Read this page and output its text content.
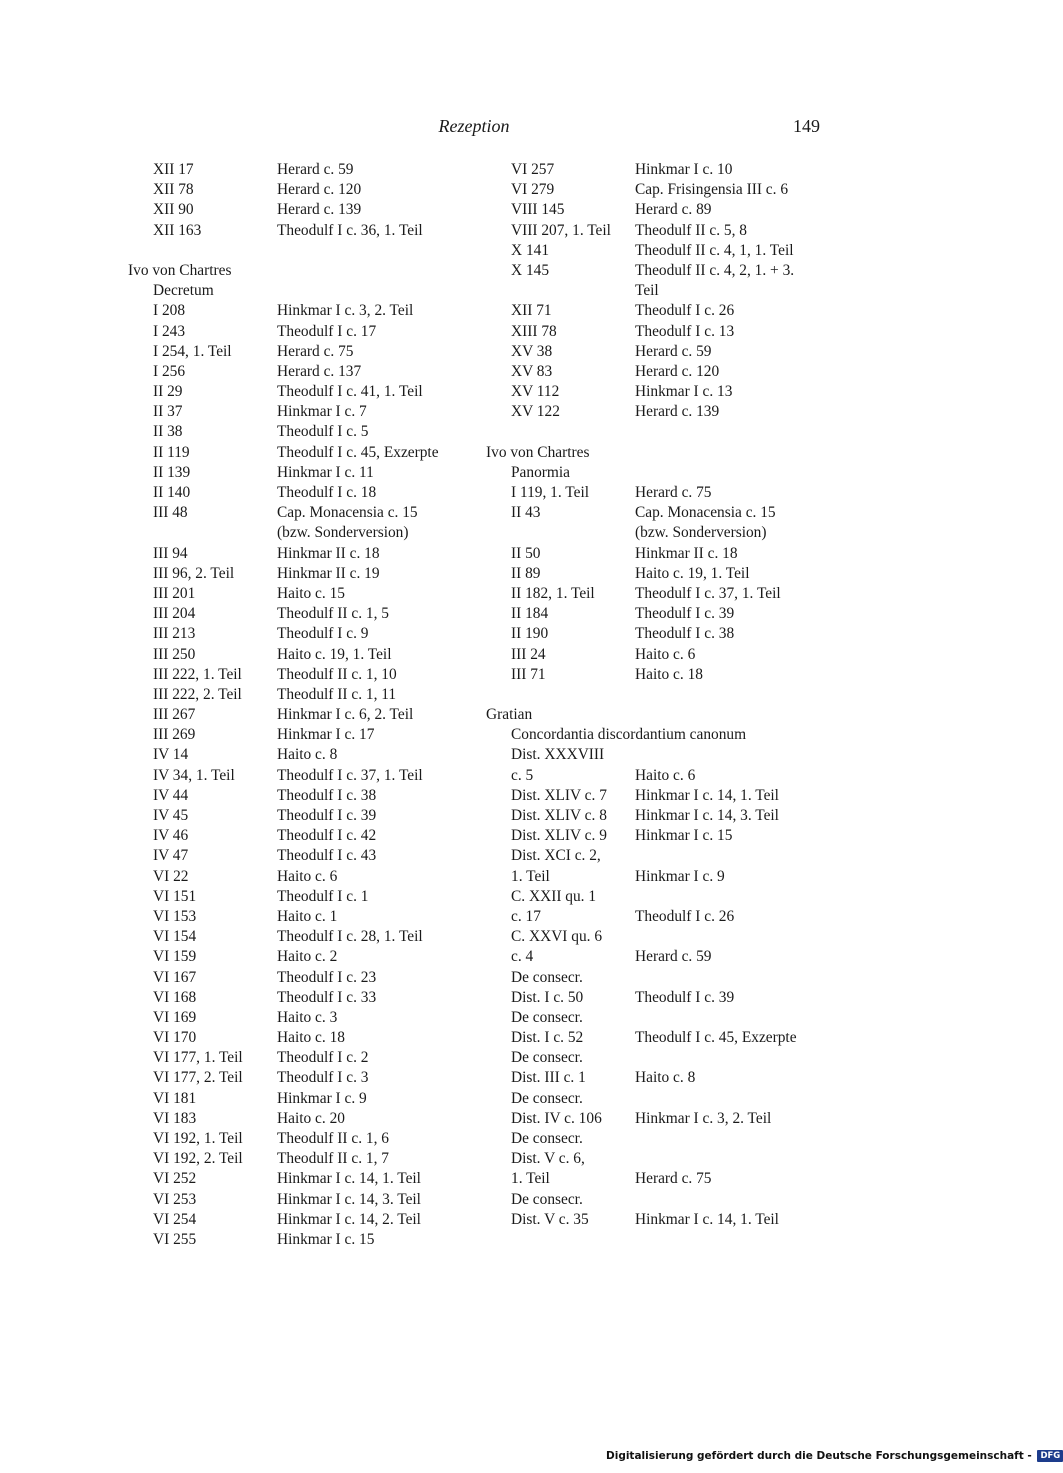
Rezeption	149
XII 17	Herard c. 59
XII 78	Herard c. 120
XII 90	Herard c. 139
XII 163	Theodulf I c. 36, 1. Teil
Ivo von Chartres
Decretum
I 208	Hinkmar I c. 3, 2. Teil
I 243	Theodulf I c. 17
I 254, 1. Teil	Herard c. 75
I 256	Herard c. 137
II 29	Theodulf I c. 41, 1. Teil
II 37	Hinkmar I c. 7
II 38	Theodulf I c. 5
II 119	Theodulf I c. 45, Exzerpte
II 139	Hinkmar I c. 11
II 140	Theodulf I c. 18
III 48	Cap. Monacensia c. 15
(bzw. Sonderversion)
III 94	Hinkmar II c. 18
III 96, 2. Teil	Hinkmar II c. 19
III 201	Haito c. 15
III 204	Theodulf II c. 1, 5
III 213	Theodulf I c. 9
III 250	Haito c. 19, 1. Teil
III 222, 1. Teil Theodulf II c. 1, 10
III 222, 2. Teil Theodulf II c. 1, 11
III 267	Hinkmar I c. 6, 2. Teil
III 269	Hinkmar I c. 17
IV 14	Haito c. 8
IV 34, 1. Teil	Theodulf I c. 37, 1. Teil
IV 44	Theodulf I c. 38
IV 45	Theodulf I c. 39
IV 46	Theodulf I c. 42
IV 47	Theodulf I c. 43
VI 22	Haito c. 6
VI 151	Theodulf I c. 1
VI 153	Haito c. 1
VI 154	Theodulf I c. 28, 1. Teil
VI 159	Haito c. 2
VI 167	Theodulf I c. 23
VI 168	Theodulf I c. 33
VI 169	Haito c. 3
VI 170	Haito c. 18
VI 177, 1. Teil Theodulf I c. 2
VI 177, 2. Teil Theodulf I c. 3
VI 181	Hinkmar I c. 9
VI 183	Haito c. 20
VI 192, 1. Teil Theodulf II c. 1, 6
VI 192, 2. Teil Theodulf II c. 1, 7
VI 252	Hinkmar I c. 14, 1. Teil
VI 253	Hinkmar I c. 14, 3. Teil
VI 254	Hinkmar I c. 14, 2. Teil
VI 255	Hinkmar I c. 15
VI 257	Hinkmar I c. 10
VI 279	Cap. Frisingensia III c. 6
VIII 145	Herard c. 89
VIII 207, 1. Teil Theodulf II c. 5, 8
X 141	Theodulf II c. 4, 1, 1. Teil
X 145	Theodulf II c. 4, 2, 1. + 3.
Teil
XII 71	Theodulf I c. 26
XIII 78	Theodulf I c. 13
XV 38	Herard c. 59
XV 83	Herard c. 120
XV 112	Hinkmar I c. 13
XV 122	Herard c. 139
Ivo von Chartres
Panormia
I 119, 1. Teil	Herard c. 75
II 43	Cap. Monacensia c. 15
(bzw. Sonderversion)
II 50	Hinkmar II c. 18
II 89	Haito c. 19, 1. Teil
II 182, 1. Teil	Theodulf I c. 37, 1. Teil
II 184	Theodulf I c. 39
II 190	Theodulf I c. 38
III 24	Haito c. 6
III 71	Haito c. 18
Gratian
Concordantia discordantium canonum
Dist. XXXVIII
c. 5	Haito c. 6
Dist. XLIV c. 7 Hinkmar I c. 14, 1. Teil
Dist. XLIV c. 8 Hinkmar I c. 14, 3. Teil
Dist. XLIV c. 9 Hinkmar I c. 15
Dist. XCI c. 2,
1. Teil	Hinkmar I c. 9
C. XXII qu. 1
c. 17	Theodulf I c. 26
C. XXVI qu. 6
c. 4	Herard c. 59
De consecr.
Dist. I c. 50	Theodulf I c. 39
De consecr.
Dist. I c. 52	Theodulf I c. 45, Exzerpte
De consecr.
Dist. III c. 1	Haito c. 8
De consecr.
Dist. IV c. 106 Hinkmar I c. 3, 2. Teil
De consecr.
Dist. V c. 6,
1. Teil	Herard c. 75
De consecr.
Dist. V c. 35	Hinkmar I c. 14, 1. Teil
Digitalisierung gefördert durch die Deutsche Forschungsgemeinschaft - DFG
